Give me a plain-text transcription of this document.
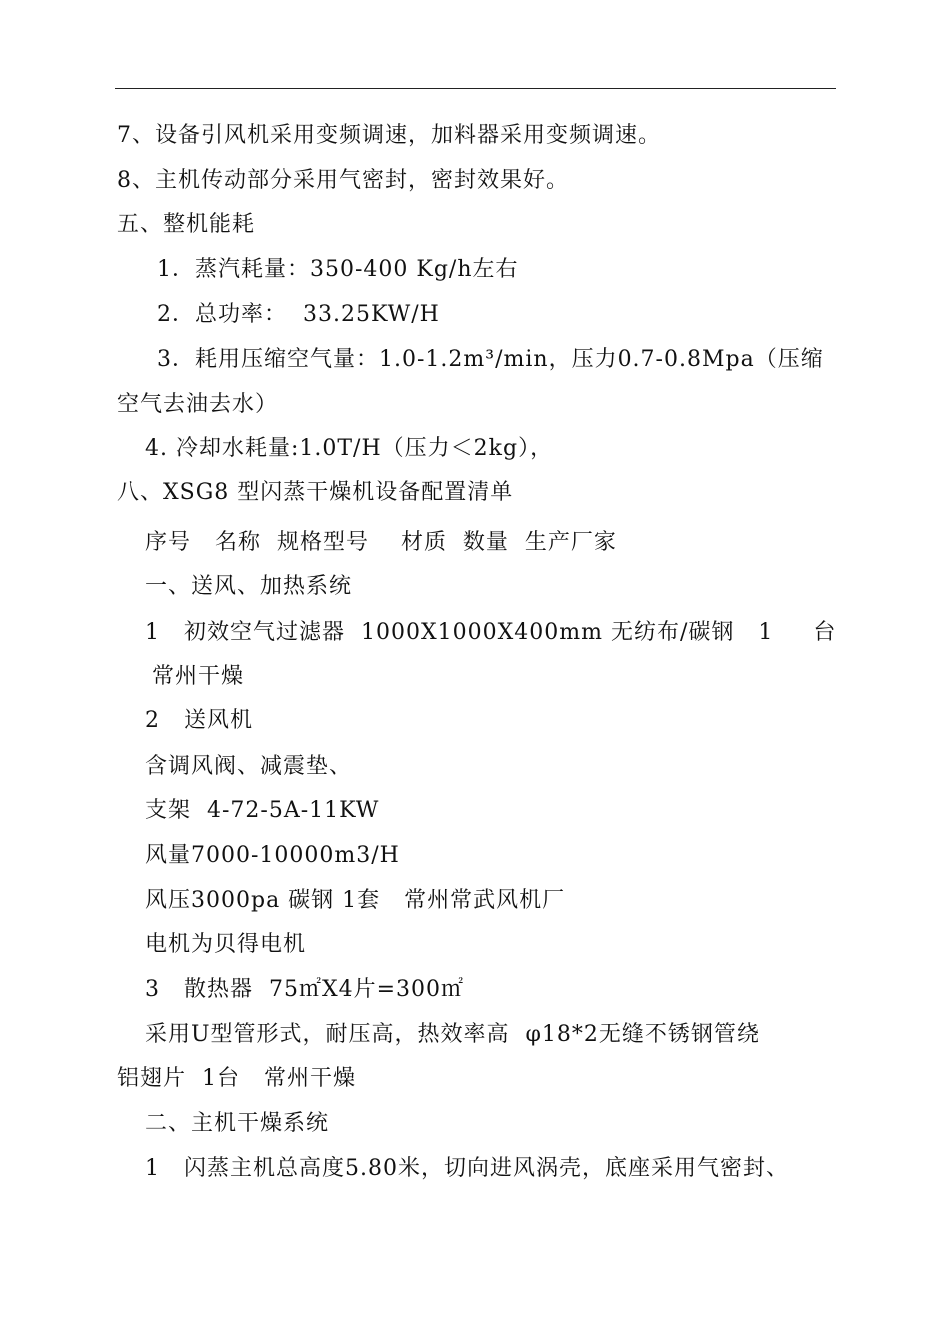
7、设备引风机采用变频调速，加料器采用变频调速。
8、主机传动部分采用气密封，密封效果好。
五、整机能耗
1．蒸汽耗量：350-400 Kg/h左右
2．总功率：  33.25KW/H
3．耗用压缩空气量：1.0-1.2m³/min，压力0.7-0.8Mpa（压缩
空气去油去水）
4. 冷却水耗量:1.0T/H（压力＜2kg），
八、XSG8 型闪蒸干燥机设备配置清单
序号   名称  规格型号    材质  数量  生产厂家
一、送风、加热系统
1   初效空气过滤器  1000X1000X400mm 无纺布/碳钢   1     台
常州干燥
2   送风机
含调风阀、减震垫、
支架  4-72-5A-11KW
风量7000-10000m3/H
风压3000pa 碳钢 1套   常州常武风机厂
电机为贝得电机
3   散热器  75㎡X4片=300㎡
采用U型管形式，耐压高，热效率高  φ18*2无缝不锈钢管绕
铝翅片  1台   常州干燥
二、主机干燥系统
1   闪蒸主机总高度5.80米，切向进风涡壳，底座采用气密封、
